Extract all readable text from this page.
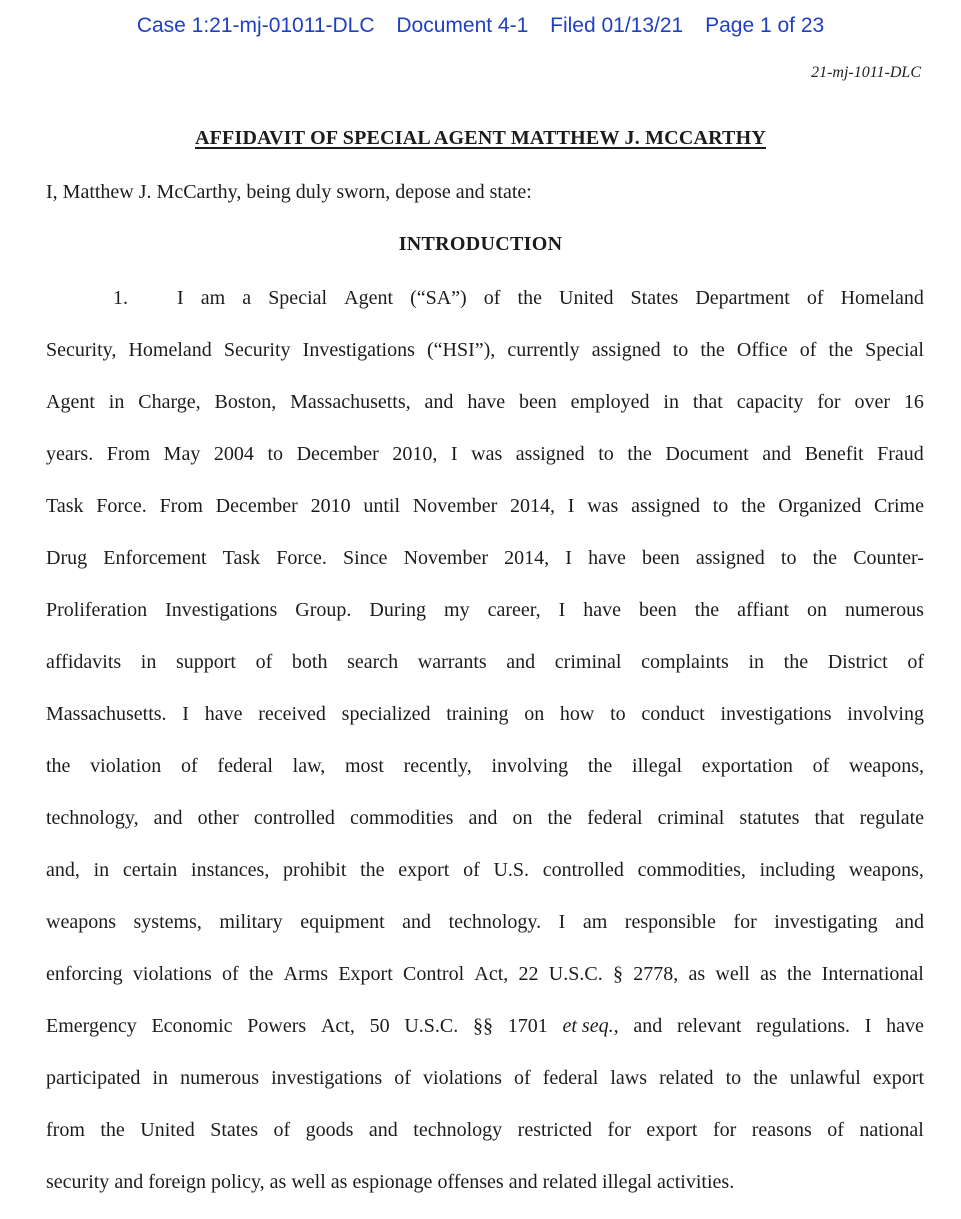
Case 1:21-mj-01011-DLC Document 4-1 Filed 01/13/21 Page 1 of 23
21-mj-1011-DLC
AFFIDAVIT OF SPECIAL AGENT MATTHEW J. MCCARTHY
I, Matthew J. McCarthy, being duly sworn, depose and state:
INTRODUCTION
1.	I am a Special Agent (“SA”) of the United States Department of Homeland
Security, Homeland Security Investigations (“HSI”), currently assigned to the Office of the Special
Agent in Charge, Boston, Massachusetts, and have been employed in that capacity for over 16
years. From May 2004 to December 2010, I was assigned to the Document and Benefit Fraud
Task Force. From December 2010 until November 2014, I was assigned to the Organized Crime
Drug Enforcement Task Force. Since November 2014, I have been assigned to the Counter-
Proliferation Investigations Group. During my career, I have been the affiant on numerous
affidavits in support of both search warrants and criminal complaints in the District of
Massachusetts. I have received specialized training on how to conduct investigations involving
the violation of federal law, most recently, involving the illegal exportation of weapons,
technology, and other controlled commodities and on the federal criminal statutes that regulate
and, in certain instances, prohibit the export of U.S. controlled commodities, including weapons,
weapons systems, military equipment and technology. I am responsible for investigating and
enforcing violations of the Arms Export Control Act, 22 U.S.C. § 2778, as well as the International
Emergency Economic Powers Act, 50 U.S.C. §§ 1701 et seq., and relevant regulations. I have
participated in numerous investigations of violations of federal laws related to the unlawful export
from the United States of goods and technology restricted for export for reasons of national
security and foreign policy, as well as espionage offenses and related illegal activities.
